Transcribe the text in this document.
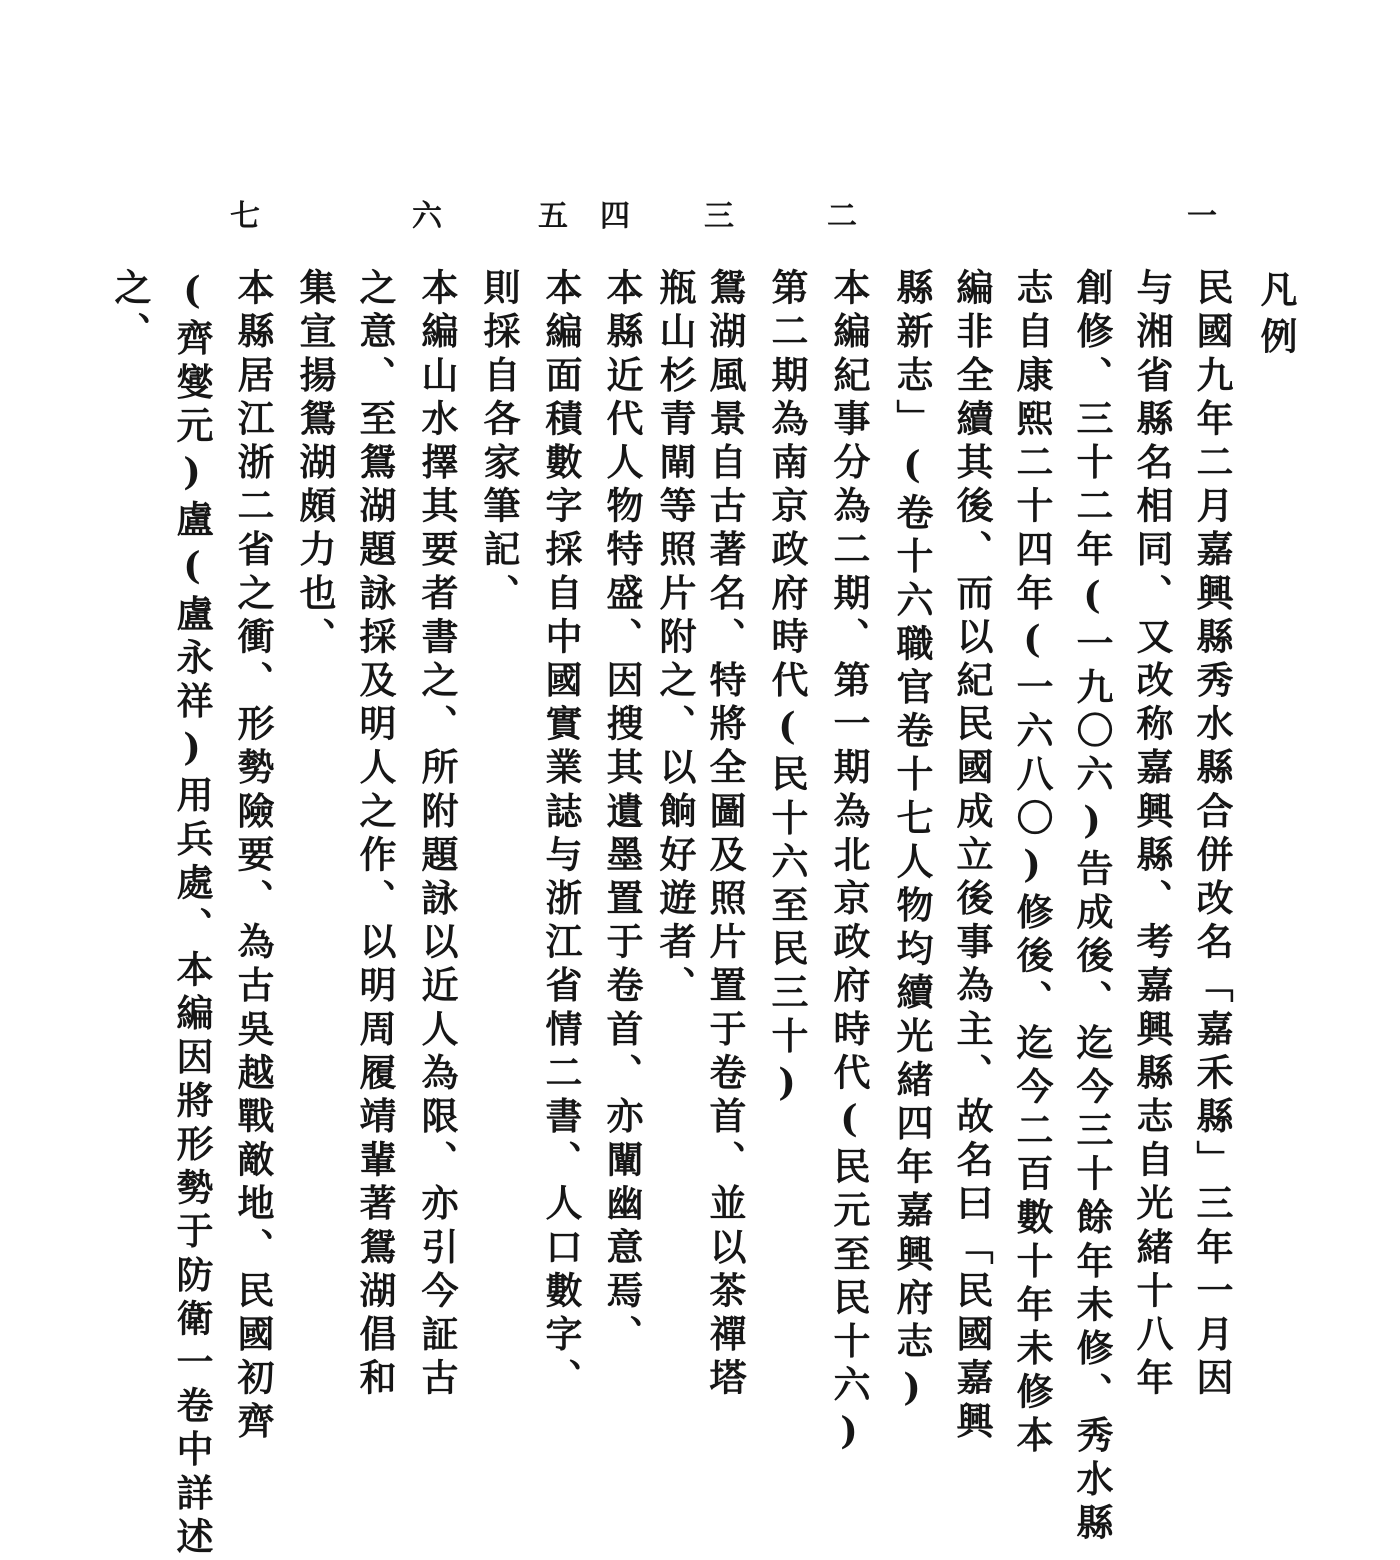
凡例
一
二
三
四
五
六
七
民國九年二月嘉興縣秀水縣合併改名「嘉禾縣」三年一月因
与湘省縣名相同、又改称嘉興縣、考嘉興縣志自光緒十八年
創修、三十二年(一九〇六)告成後、迄今三十餘年未修、秀水縣
志自康熙二十四年(一六八〇)修後、迄今二百數十年未修本
編非全續其後、而以紀民國成立後事為主、故名曰「民國嘉興
縣新志」(卷十六職官卷十七人物均續光緒四年嘉興府志)
本編紀事分為二期、第一期為北京政府時代(民元至民十六)
第二期為南京政府時代(民十六至民三十)
鴛湖風景自古著名、特將全圖及照片置于卷首、並以茶禪塔
瓶山杉青閘等照片附之、以餉好遊者、
本縣近代人物特盛、因搜其遺墨置于卷首、亦闡幽意焉、
本編面積數字採自中國實業誌与浙江省情二書、人口數字、
則採自各家筆記、
本編山水擇其要者書之、所附題詠以近人為限、亦引今証古
之意、至鴛湖題詠採及明人之作、以明周履靖輩著鴛湖倡和
集宣揚鴛湖頗力也、
本縣居江浙二省之衝、形勢險要、為古吳越戰敵地、民國初齊
(齊燮元)盧(盧永祥)用兵處、本編因將形勢于防衛一卷中詳述
之、
